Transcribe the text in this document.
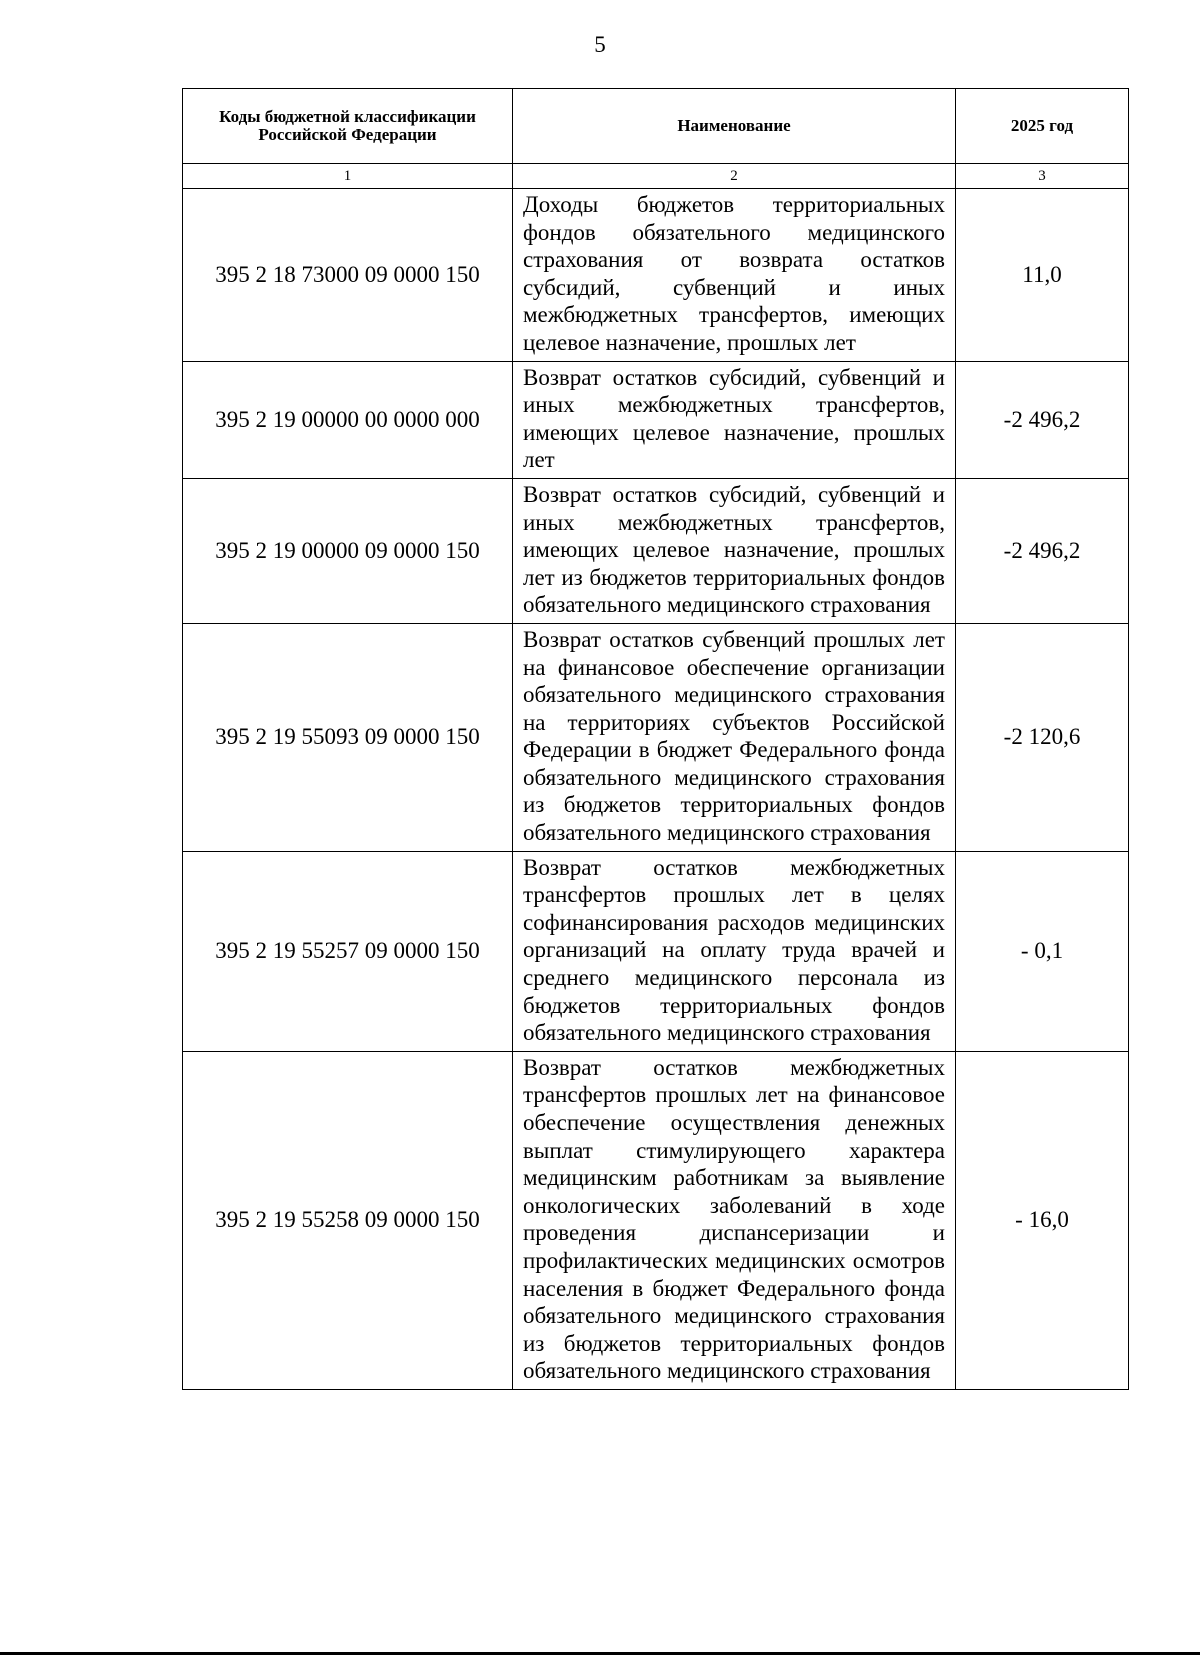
5
Коды бюджетной классификации Российской Федерации	Наименование	2025 год
1	2	3
395 2 18 73000 09 0000 150	Доходы бюджетов территориальных фондов обязательного медицинского страхования от возврата остатков субсидий, субвенций и иных межбюджетных трансфертов, имеющих целевое назначение, прошлых лет	11,0
395 2 19 00000 00 0000 000	Возврат остатков субсидий, субвенций и иных межбюджетных трансфертов, имеющих целевое назначение, прошлых лет	-2 496,2
395 2 19 00000 09 0000 150	Возврат остатков субсидий, субвенций и иных межбюджетных трансфертов, имеющих целевое назначение, прошлых лет из бюджетов территориальных фондов обязательного медицинского страхования	-2 496,2
395 2 19 55093 09 0000 150	Возврат остатков субвенций прошлых лет на финансовое обеспечение организации обязательного медицинского страхования на территориях субъектов Российской Федерации в бюджет Федерального фонда обязательного медицинского страхования из бюджетов территориальных фондов обязательного медицинского страхования	-2 120,6
395 2 19 55257 09 0000 150	Возврат остатков межбюджетных трансфертов прошлых лет в целях софинансирования расходов медицинских организаций на оплату труда врачей и среднего медицинского персонала из бюджетов территориальных фондов обязательного медицинского страхования	- 0,1
395 2 19 55258 09 0000 150	Возврат остатков межбюджетных трансфертов прошлых лет на финансовое обеспечение осуществления денежных выплат стимулирующего характера медицинским работникам за выявление онкологических заболеваний в ходе проведения диспансеризации и профилактических медицинских осмотров населения в бюджет Федерального фонда обязательного медицинского страхования из бюджетов территориальных фондов обязательного медицинского страхования	- 16,0
